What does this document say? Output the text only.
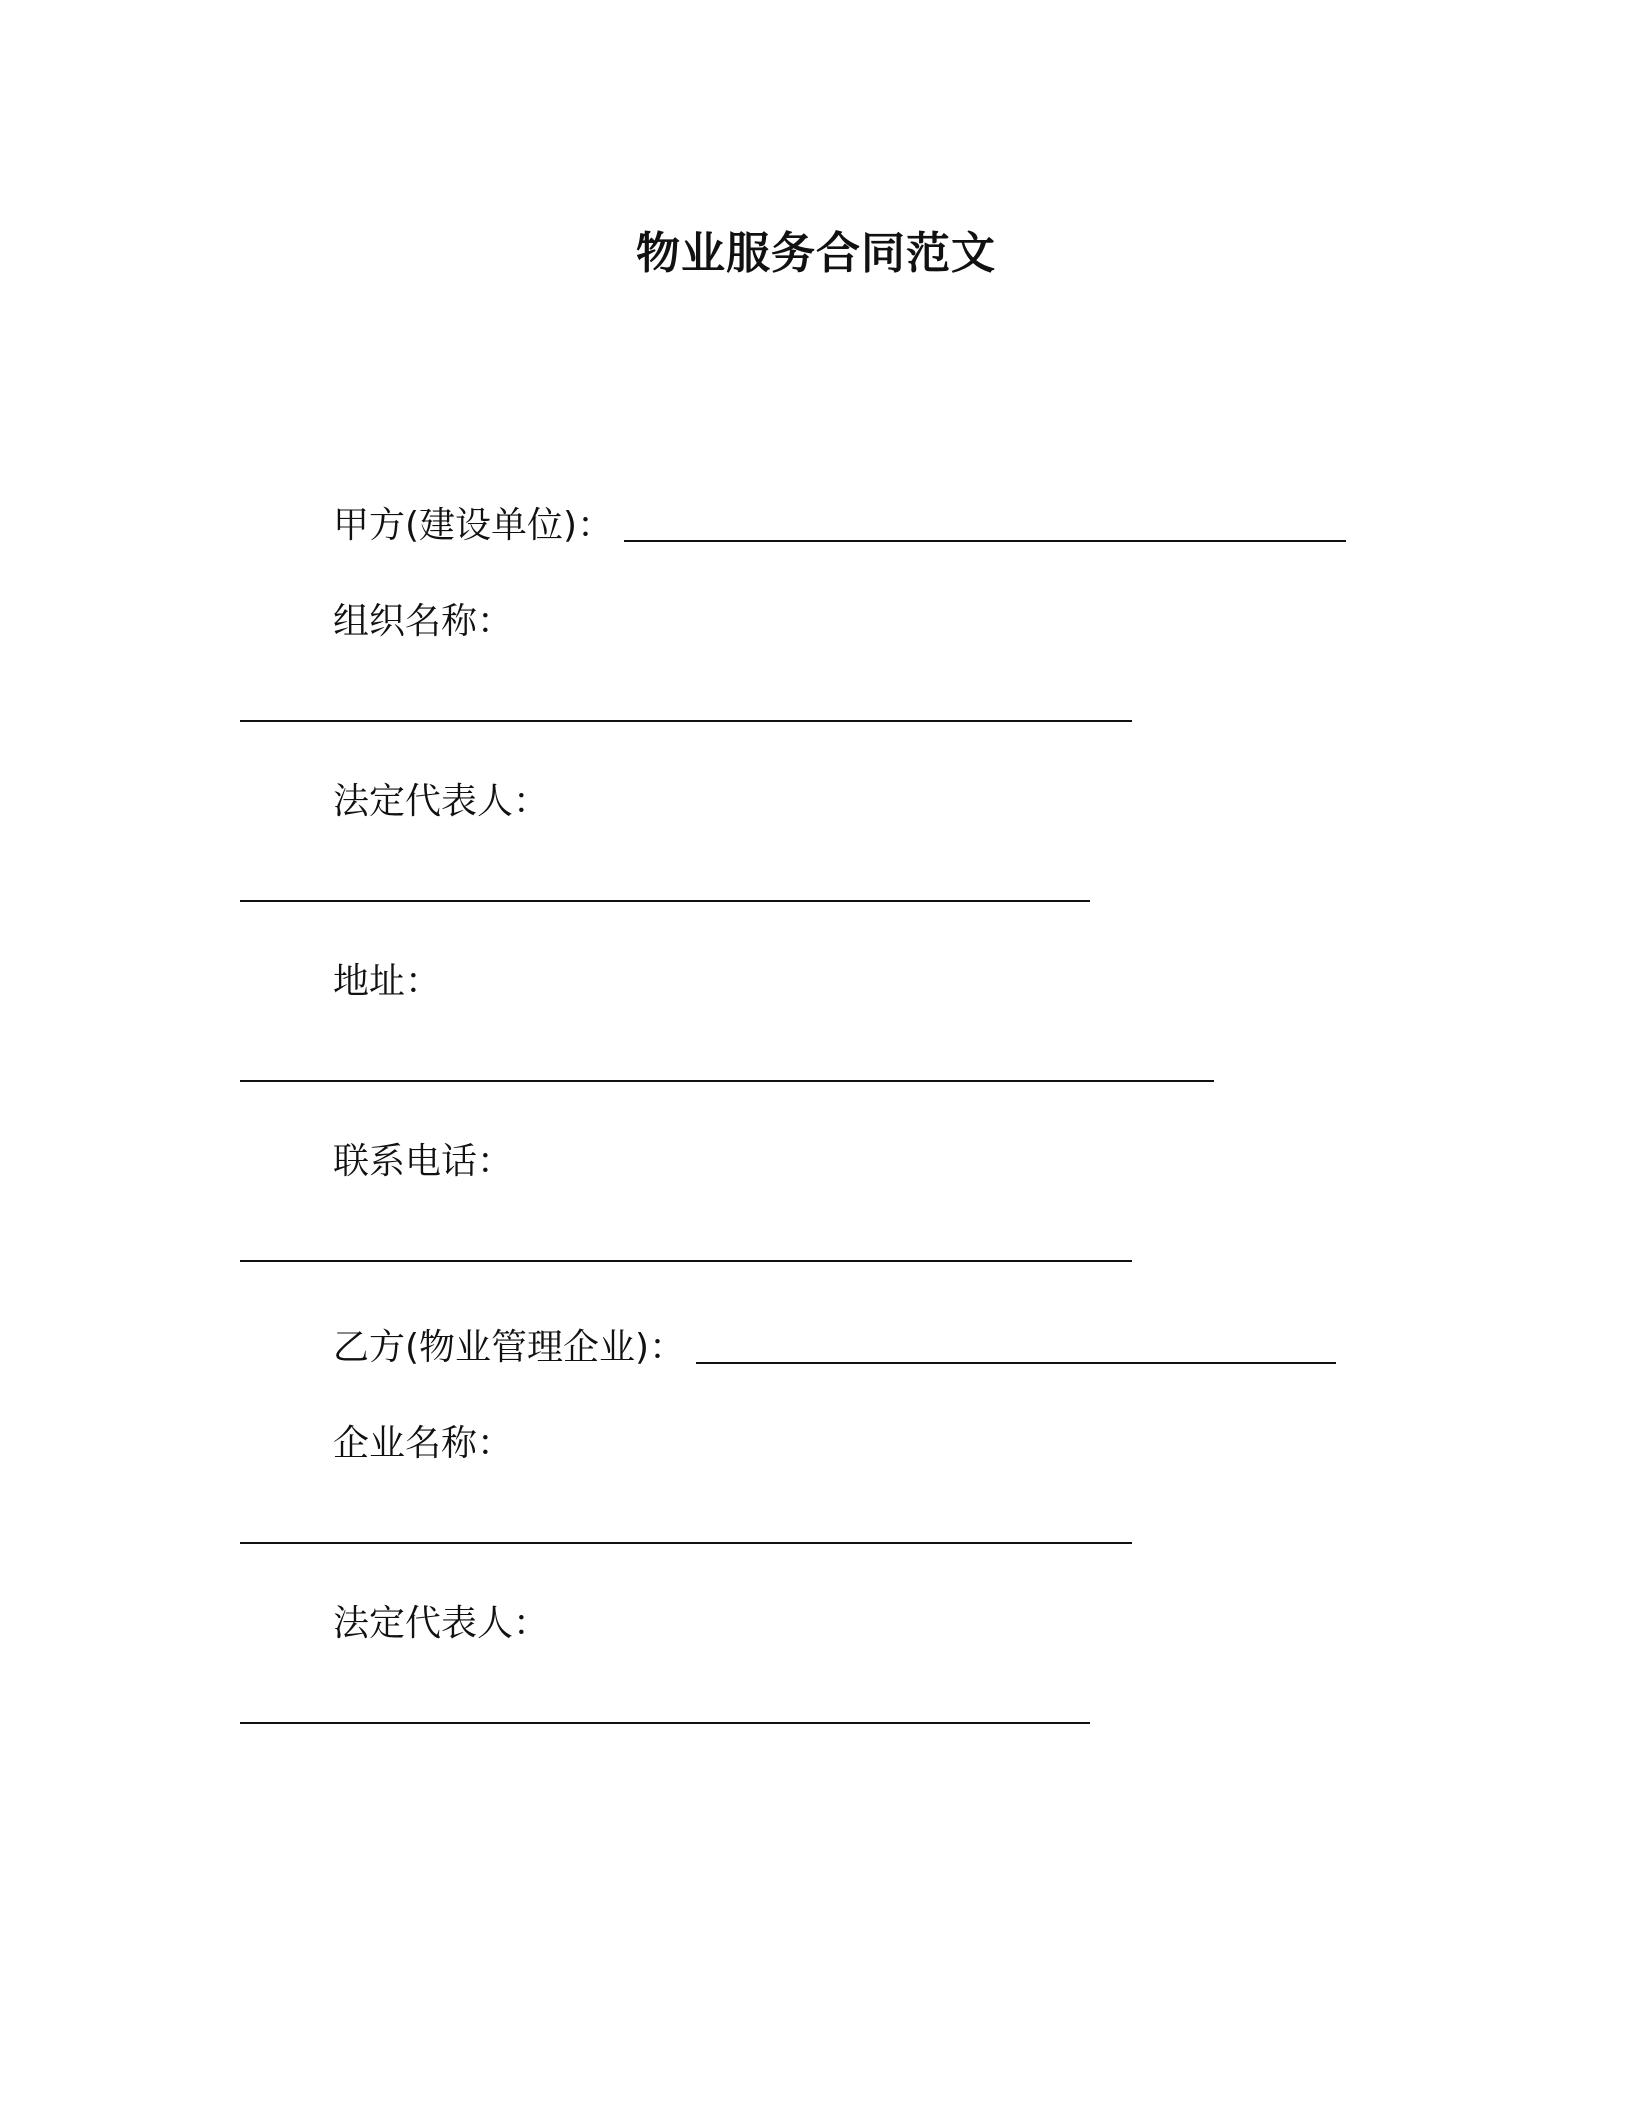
物业服务合同范文
甲方(建设单位)：
组织名称：
法定代表人：
地址：
联系电话：
乙方(物业管理企业)：
企业名称：
法定代表人：
